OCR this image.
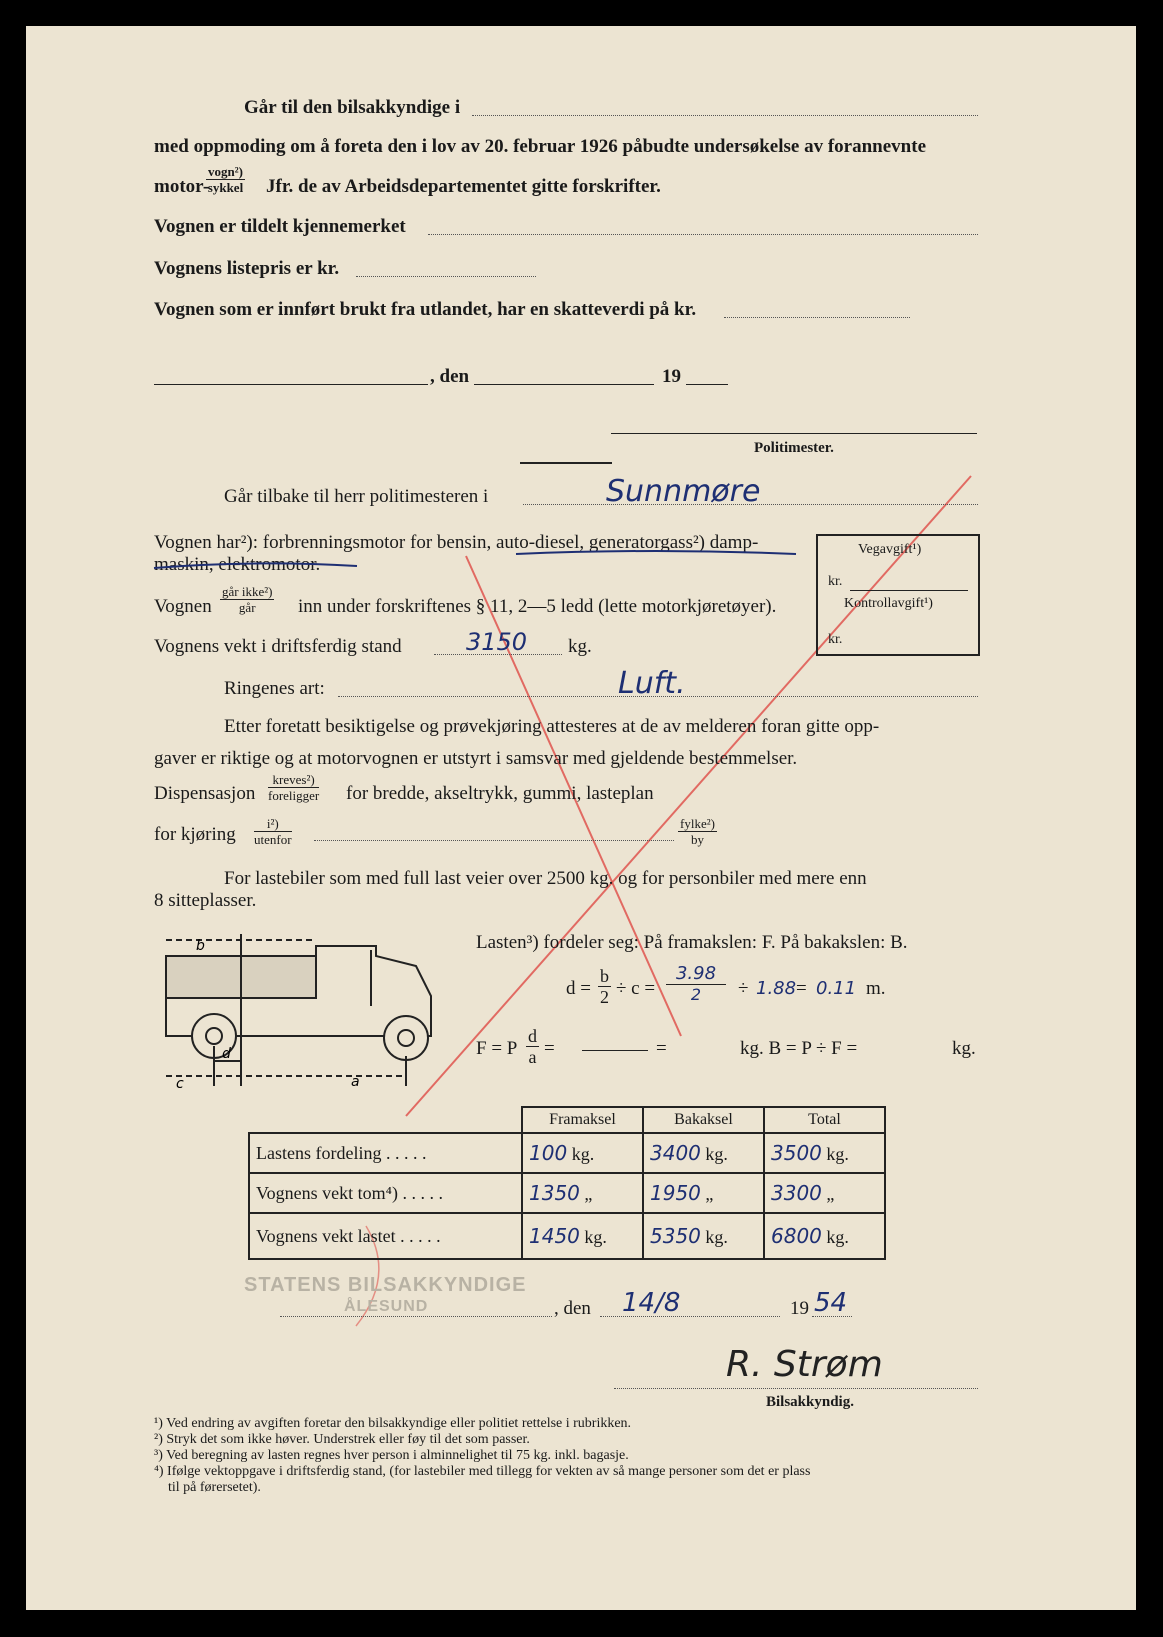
Går til den bilsakkyndige i
med oppmoding om å foreta den i lov av 20. februar 1926 påbudte undersøkelse av forannevnte
motor-
vogn²)
sykkel Jfr. de av Arbeidsdepartementet gitte forskrifter.
Vognen er tildelt kjennemerket
Vognens listepris er kr.
Vognen som er innført brukt fra utlandet, har en skatteverdi på kr.
, den	19
Politimester.
Går tilbake til herr politimesteren i	Sunnmøre
Vognen har²): forbrenningsmotor for bensin, auto-diesel, generatorgass²) damp-
maskin, elektromotor.
Vognen
går ikke²)
går	inn under forskriftenes § 11, 2—5 ledd (lette motorkjøretøyer).
Vognens vekt i driftsferdig stand	3150 kg.
Ringenes art:	Luft.
Etter foretatt besiktigelse og prøvekjøring attesteres at de av melderen foran gitte opp-
gaver er riktige og at motorvognen er utstyrt i samsvar med gjeldende bestemmelser.
Dispensasjon
kreves²)
foreligger for bredde, akseltrykk, gummi, lasteplan
for kjøring
i²)
utenfor
fylke²)
by
For lastebiler som med full last veier over 2500 kg. og for personbiler med mere enn
8 sitteplasser.
Vegavgift¹)
kr.
Kontrollavgift¹)
kr.
b
a
d
c
Lasten³) fordeler seg: På framakslen: F. På bakakslen: B.
$d = \frac{b}{2} \div c = \frac{3.98}{2} \div 1.88 = 0.11$ m.
F = P $\frac{d}{a}$ =	=	kg. B = P ÷ F =	kg.
	Framaksel	Bakaksel	Total
Lastens fordeling . . . . .	100 kg.	3400 kg.	3500 kg.
Vognens vekt tom⁴) . . . . .	1350 „	1950 „	3300 „
Vognens vekt lastet . . . . .	1450 kg.	5350 kg.	6800 kg.
STATENS BILSAKKYNDIGE
ÅLESUND	, den 14/8	19 54
R. Strøm
Bilsakkyndig.
¹) Ved endring av avgiften foretar den bilsakkyndige eller politiet rettelse i rubrikken.
²) Stryk det som ikke høver. Understrek eller føy til det som passer.
³) Ved beregning av lasten regnes hver person i alminnelighet til 75 kg. inkl. bagasje.
⁴) Ifølge vektoppgave i driftsferdig stand, (for lastebiler med tillegg for vekten av så mange personer som det er plass
til på førersetet).
